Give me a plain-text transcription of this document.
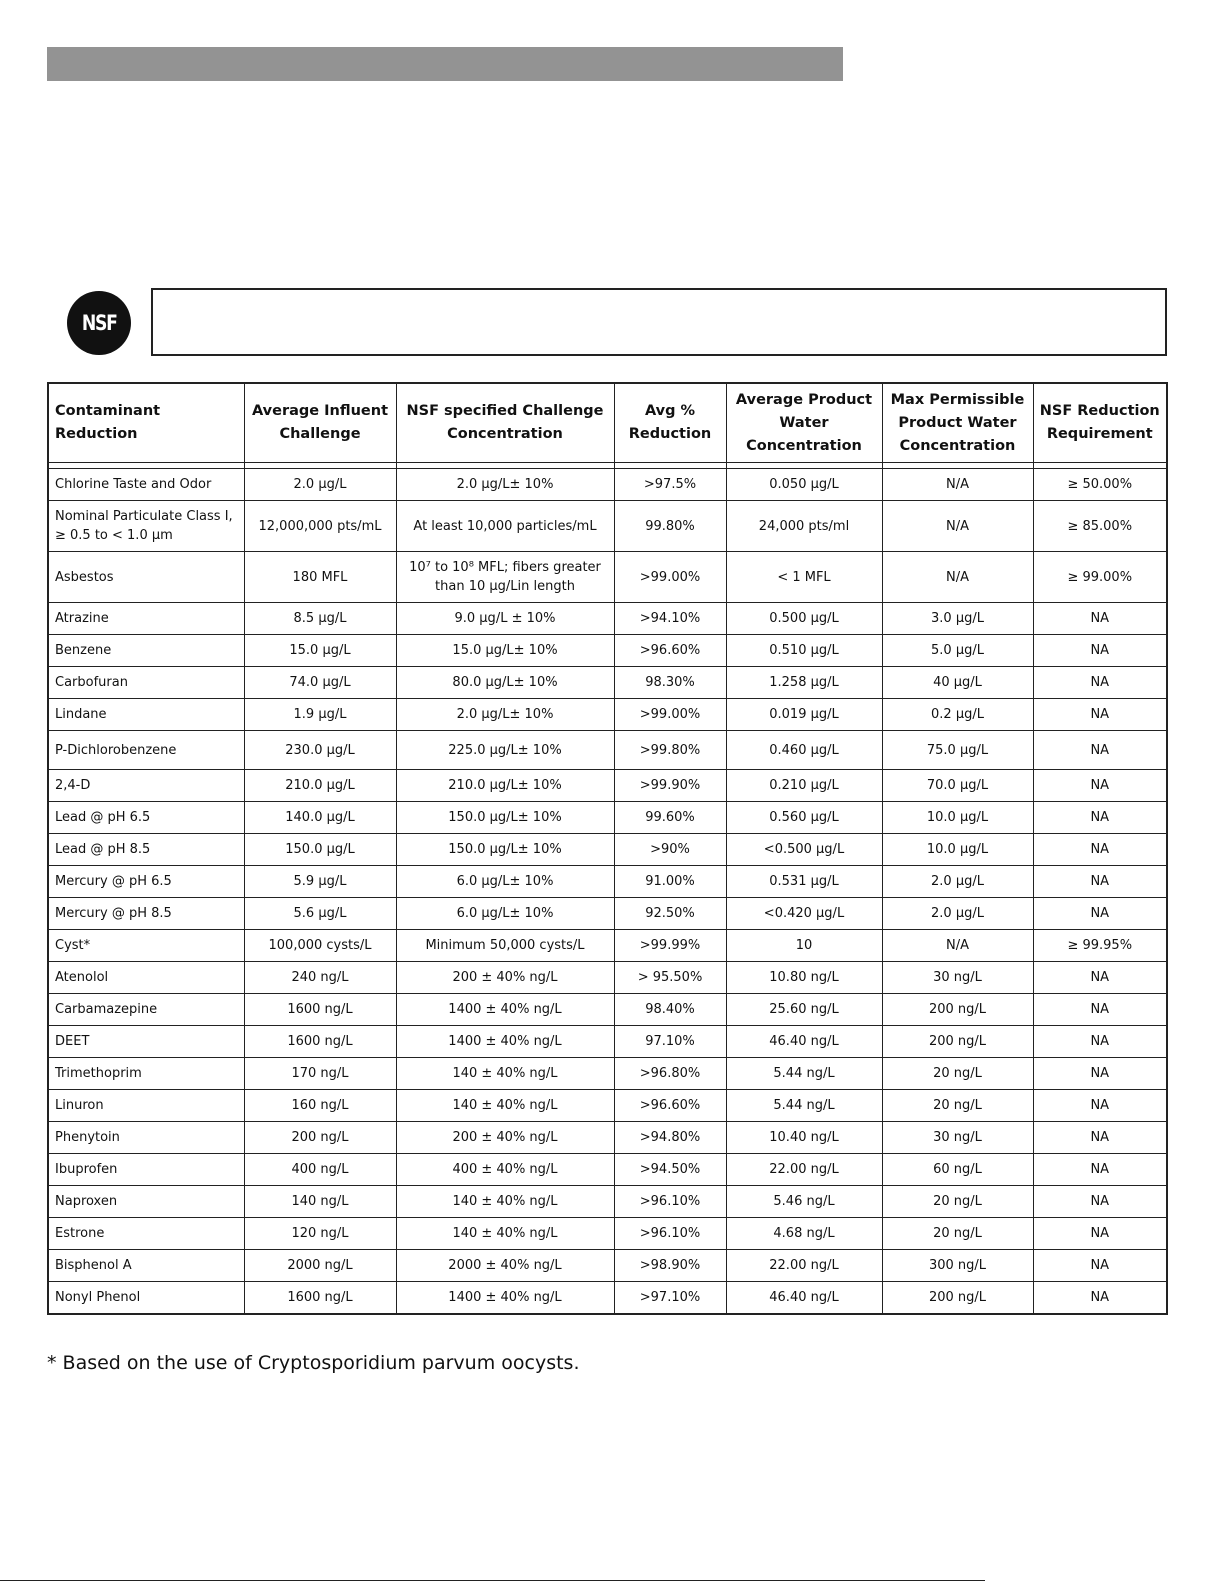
NSF
Contaminant Reduction	Average Influent Challenge	NSF specified Challenge Concentration	Avg % Reduction	Average Product Water Concentration	Max Permissible Product Water Concentration	NSF Reduction Requirement

Chlorine Taste and Odor	2.0 µg/L	2.0 µg/L± 10%	>97.5%	0.050 µg/L	N/A	≥ 50.00%
Nominal Particulate Class I, ≥ 0.5 to < 1.0 µm	12,000,000 pts/mL	At least 10,000 particles/mL	99.80%	24,000 pts/ml	N/A	≥ 85.00%
Asbestos	180 MFL	10⁷ to 10⁸ MFL; fibers greater than 10 µg/Lin length	>99.00%	< 1 MFL	N/A	≥ 99.00%
Atrazine	8.5 µg/L	9.0 µg/L ± 10%	>94.10%	0.500 µg/L	3.0 µg/L	NA
Benzene	15.0 µg/L	15.0 µg/L± 10%	>96.60%	0.510 µg/L	5.0 µg/L	NA
Carbofuran	74.0 µg/L	80.0 µg/L± 10%	98.30%	1.258 µg/L	40 µg/L	NA
Lindane	1.9 µg/L	2.0 µg/L± 10%	>99.00%	0.019 µg/L	0.2 µg/L	NA
P-Dichlorobenzene	230.0 µg/L	225.0 µg/L± 10%	>99.80%	0.460 µg/L	75.0 µg/L	NA
2,4-D	210.0 µg/L	210.0 µg/L± 10%	>99.90%	0.210 µg/L	70.0 µg/L	NA
Lead @ pH 6.5	140.0 µg/L	150.0 µg/L± 10%	99.60%	0.560 µg/L	10.0 µg/L	NA
Lead @ pH 8.5	150.0 µg/L	150.0 µg/L± 10%	>90%	<0.500 µg/L	10.0 µg/L	NA
Mercury @ pH 6.5	5.9 µg/L	6.0 µg/L± 10%	91.00%	0.531 µg/L	2.0 µg/L	NA
Mercury @ pH 8.5	5.6 µg/L	6.0 µg/L± 10%	92.50%	<0.420 µg/L	2.0 µg/L	NA
Cyst*	100,000 cysts/L	Minimum 50,000 cysts/L	>99.99%	10	N/A	≥ 99.95%
Atenolol	240 ng/L	200 ± 40% ng/L	> 95.50%	10.80 ng/L	30 ng/L	NA
Carbamazepine	1600 ng/L	1400 ± 40% ng/L	98.40%	25.60 ng/L	200 ng/L	NA
DEET	1600 ng/L	1400 ± 40% ng/L	97.10%	46.40 ng/L	200 ng/L	NA
Trimethoprim	170 ng/L	140 ± 40% ng/L	>96.80%	5.44 ng/L	20 ng/L	NA
Linuron	160 ng/L	140 ± 40% ng/L	>96.60%	5.44 ng/L	20 ng/L	NA
Phenytoin	200 ng/L	200 ± 40% ng/L	>94.80%	10.40 ng/L	30 ng/L	NA
Ibuprofen	400 ng/L	400 ± 40% ng/L	>94.50%	22.00 ng/L	60 ng/L	NA
Naproxen	140 ng/L	140 ± 40% ng/L	>96.10%	5.46 ng/L	20 ng/L	NA
Estrone	120 ng/L	140 ± 40% ng/L	>96.10%	4.68 ng/L	20 ng/L	NA
Bisphenol A	2000 ng/L	2000 ± 40% ng/L	>98.90%	22.00 ng/L	300 ng/L	NA
Nonyl Phenol	1600 ng/L	1400 ± 40% ng/L	>97.10%	46.40 ng/L	200 ng/L	NA
* Based on the use of Cryptosporidium parvum oocysts.
